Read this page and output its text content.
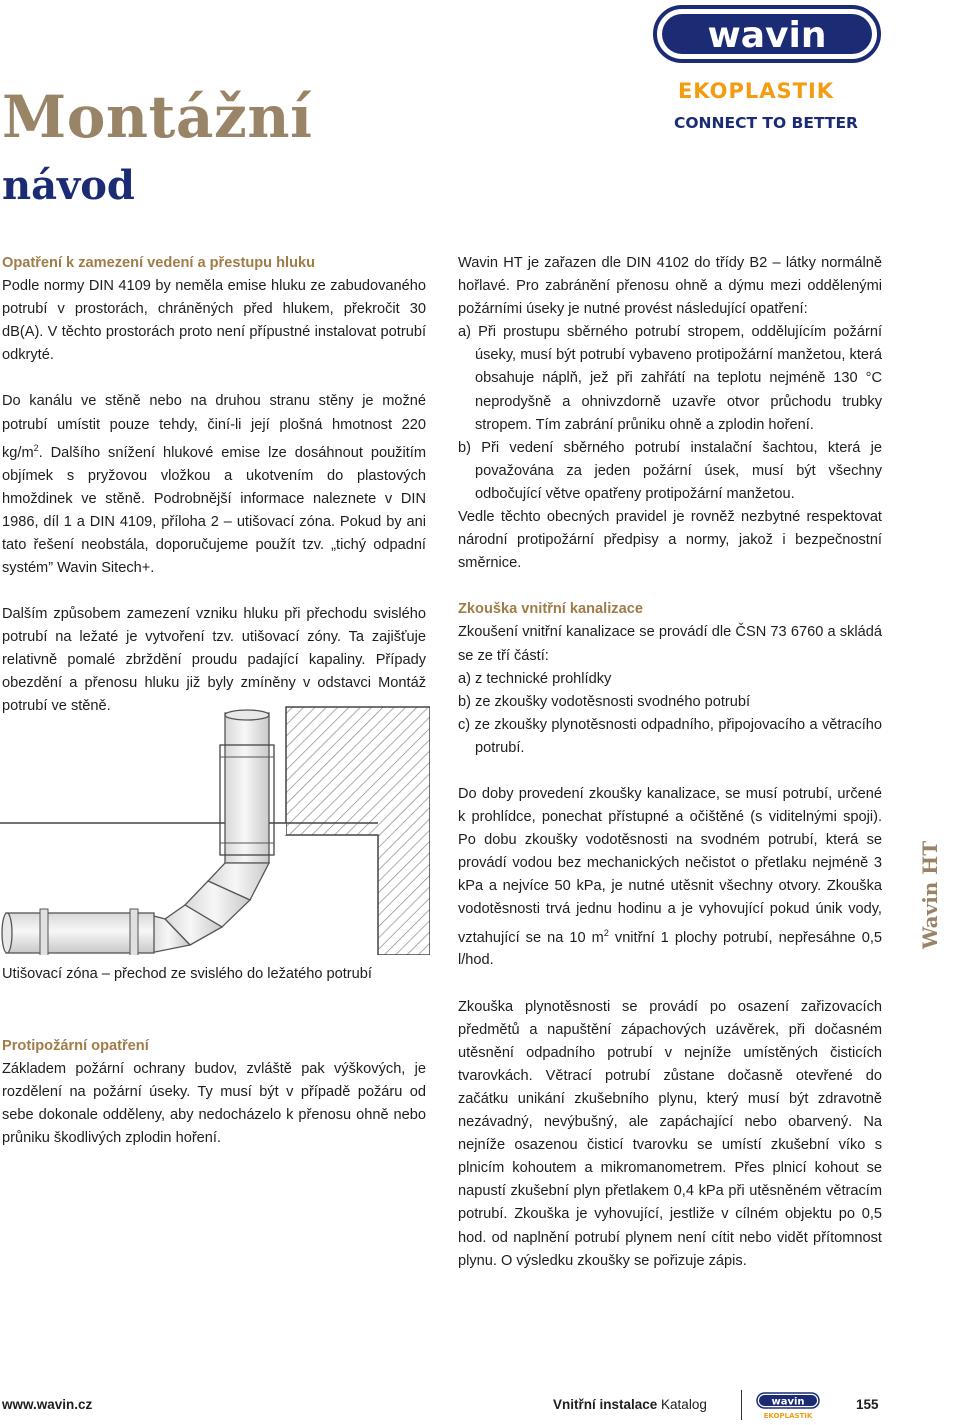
Montážní
návod
wavin
EKOPLASTIK
CONNECT TO BETTER

Opatření k zamezení vedení a přestupu hluku

Podle normy DIN 4109 by neměla emise hluku ze zabudovaného potrubí v prostorách, chráněných před hlukem, překročit 30 dB(A). V těchto prostorách proto není přípustné instalovat potrubí odkryté.

Do kanálu ve stěně nebo na druhou stranu stěny je možné potrubí umístit pouze tehdy, činí-li její plošná hmotnost 220 $kg/m^2$. Dalšího snížení hlukové emise lze dosáhnout použitím objímek s pryžovou vložkou a ukotvením do plastových hmoždinek ve stěně. Podrobnější informace naleznete v DIN 1986, díl 1 a DIN 4109, příloha 2 – utišovací zóna. Pokud by ani tato řešení neobstála, doporučujeme použít tzv. „tichý odpadní systém” Wavin Sitech+.

Dalším způsobem zamezení vzniku hluku při přechodu svislého potrubí na ležaté je vytvoření tzv. utišovací zóny. Ta zajišťuje relativně pomalé zbrždění proudu padající kapaliny. Případy obezdění a přenosu hluku již byly zmíněny v odstavci Montáž potrubí ve stěně.

Utišovací zóna – přechod ze svislého do ležatého potrubí

Protipožární opatření

Základem požární ochrany budov, zvláště pak výškových, je rozdělení na požární úseky. Ty musí být v případě požáru od sebe dokonale odděleny, aby nedocházelo k přenosu ohně nebo průniku škodlivých zplodin hoření.

Wavin HT je zařazen dle DIN 4102 do třídy B2 – látky normálně hořlavé. Pro zabránění přenosu ohně a dýmu mezi oddělenými požárními úseky je nutné provést následující opatření:

a) Při prostupu sběrného potrubí stropem, oddělujícím požární úseky, musí být potrubí vybaveno protipožární manžetou, která obsahuje náplň, jež při zahřátí na teplotu nejméně 130 °C neprodyšně a ohnivzdorně uzavře otvor průchodu trubky stropem. Tím zabrání průniku ohně a zplodin hoření.

b) Při vedení sběrného potrubí instalační šachtou, která je považována za jeden požární úsek, musí být všechny odbočující větve opatřeny protipožární manžetou.

Vedle těchto obecných pravidel je rovněž nezbytné respektovat národní protipožární předpisy a normy, jakož i bezpečnostní směrnice.

Zkouška vnitřní kanalizace

Zkoušení vnitřní kanalizace se provádí dle ČSN 73 6760 a skládá se ze tří částí:

a) z technické prohlídky

b) ze zkoušky vodotěsnosti svodného potrubí

c) ze zkoušky plynotěsnosti odpadního, připojovacího a větracího potrubí.

Do doby provedení zkoušky kanalizace, se musí potrubí, určené k prohlídce, ponechat přístupné a očištěné (s viditelnými spoji). Po dobu zkoušky vodotěsnosti na svodném potrubí, která se provádí vodou bez mechanických nečistot o přetlaku nejméně 3 kPa a nejvíce 50 kPa, je nutné utěsnit všechny otvory. Zkouška vodotěsnosti trvá jednu hodinu a je vyhovující pokud únik vody, vztahující se na 10 $m^2$ vnitřní 1 plochy potrubí, nepřesáhne 0,5 l/hod.

Zkouška plynotěsnosti se provádí po osazení zařizovacích předmětů a napuštění zápachových uzávěrek, při dočasném utěsnění odpadního potrubí v nejníže umístěných čisticích tvarovkách. Větrací potrubí zůstane dočasně otevřené do začátku unikání zkušebního plynu, který musí být zdravotně nezávadný, nevýbušný, ale zapáchající nebo obarvený. Na nejníže osazenou čisticí tvarovku se umístí zkušební víko s plnicím kohoutem a mikromanometrem. Přes plnicí kohout se napustí zkušební plyn přetlakem 0,4 kPa při utěsněném větracím potrubí. Zkouška je vyhovující, jestliže v cílném objektu po 0,5 hod. od naplnění potrubí plynem není cítit nebo vidět přítomnost plynu. O výsledku zkoušky se pořizuje zápis.

Wavin HT
www.wavin.cz	Vnitřní instalace Katalog	wavin
EKOPLASTIK
155
